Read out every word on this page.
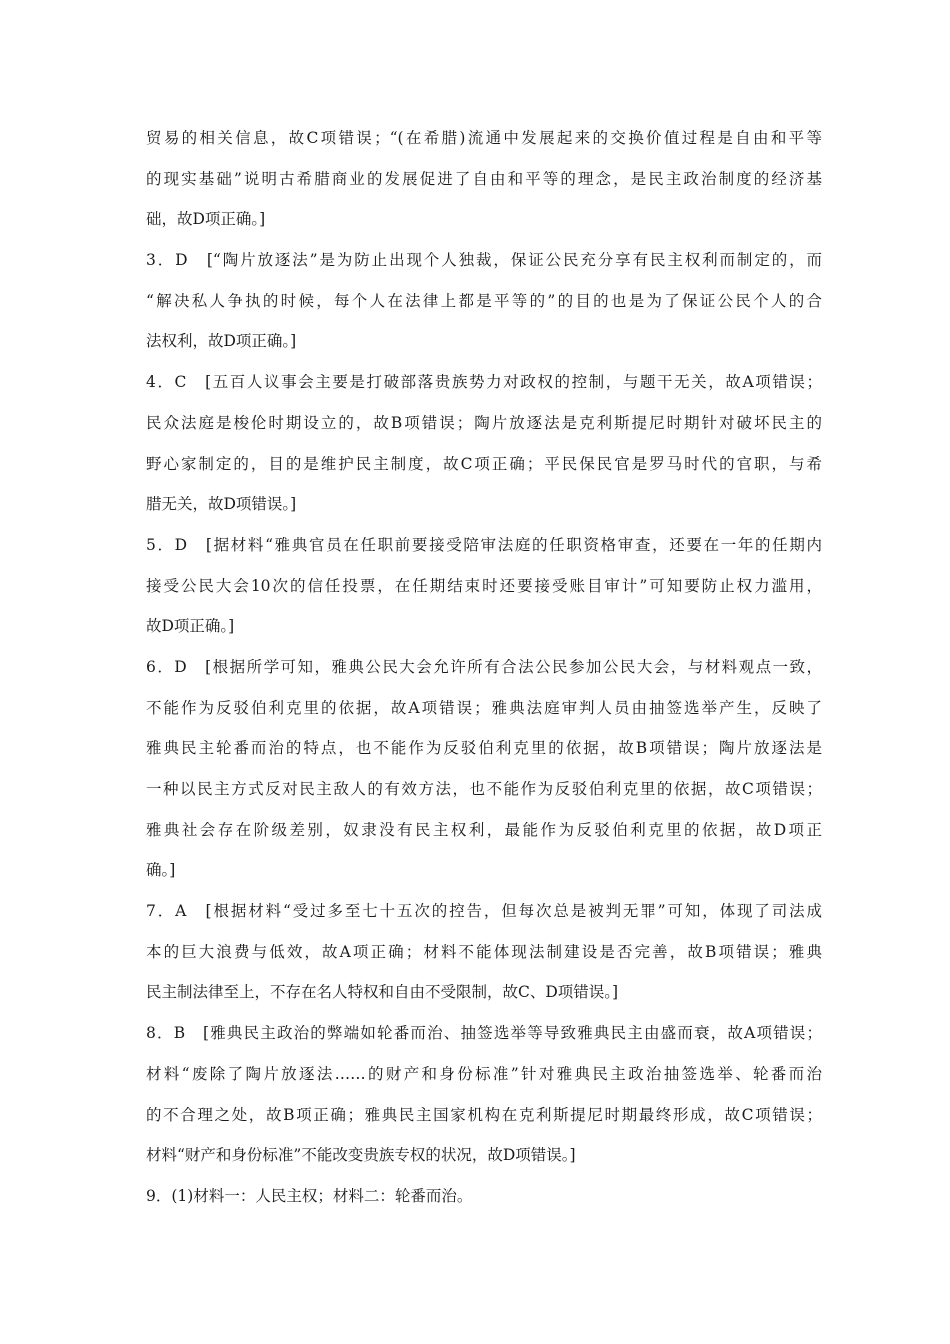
贸易的相关信息，故C项错误；“(在希腊)流通中发展起来的交换价值过程是自由和平等
的现实基础”说明古希腊商业的发展促进了自由和平等的理念，是民主政治制度的经济基
础，故D项正确。]
3．D　[“陶片放逐法”是为防止出现个人独裁，保证公民充分享有民主权利而制定的，而
“解决私人争执的时候，每个人在法律上都是平等的”的目的也是为了保证公民个人的合
法权利，故D项正确。]
4．C　[五百人议事会主要是打破部落贵族势力对政权的控制，与题干无关，故A项错误；
民众法庭是梭伦时期设立的，故B项错误；陶片放逐法是克利斯提尼时期针对破坏民主的
野心家制定的，目的是维护民主制度，故C项正确；平民保民官是罗马时代的官职，与希
腊无关，故D项错误。]
5．D　[据材料“雅典官员在任职前要接受陪审法庭的任职资格审查，还要在一年的任期内
接受公民大会10次的信任投票，在任期结束时还要接受账目审计”可知要防止权力滥用，
故D项正确。]
6．D　[根据所学可知，雅典公民大会允许所有合法公民参加公民大会，与材料观点一致，
不能作为反驳伯利克里的依据，故A项错误；雅典法庭审判人员由抽签选举产生，反映了
雅典民主轮番而治的特点，也不能作为反驳伯利克里的依据，故B项错误；陶片放逐法是
一种以民主方式反对民主敌人的有效方法，也不能作为反驳伯利克里的依据，故C项错误；
雅典社会存在阶级差别，奴隶没有民主权利，最能作为反驳伯利克里的依据，故D项正
确。]
7．A　[根据材料“受过多至七十五次的控告，但每次总是被判无罪”可知，体现了司法成
本的巨大浪费与低效，故A项正确；材料不能体现法制建设是否完善，故B项错误；雅典
民主制法律至上，不存在名人特权和自由不受限制，故C、D项错误。]
8．B　[雅典民主政治的弊端如轮番而治、抽签选举等导致雅典民主由盛而衰，故A项错误；
材料“废除了陶片放逐法……的财产和身份标准”针对雅典民主政治抽签选举、轮番而治
的不合理之处，故B项正确；雅典民主国家机构在克利斯提尼时期最终形成，故C项错误；
材料“财产和身份标准”不能改变贵族专权的状况，故D项错误。]
9．(1)材料一：人民主权；材料二：轮番而治。
